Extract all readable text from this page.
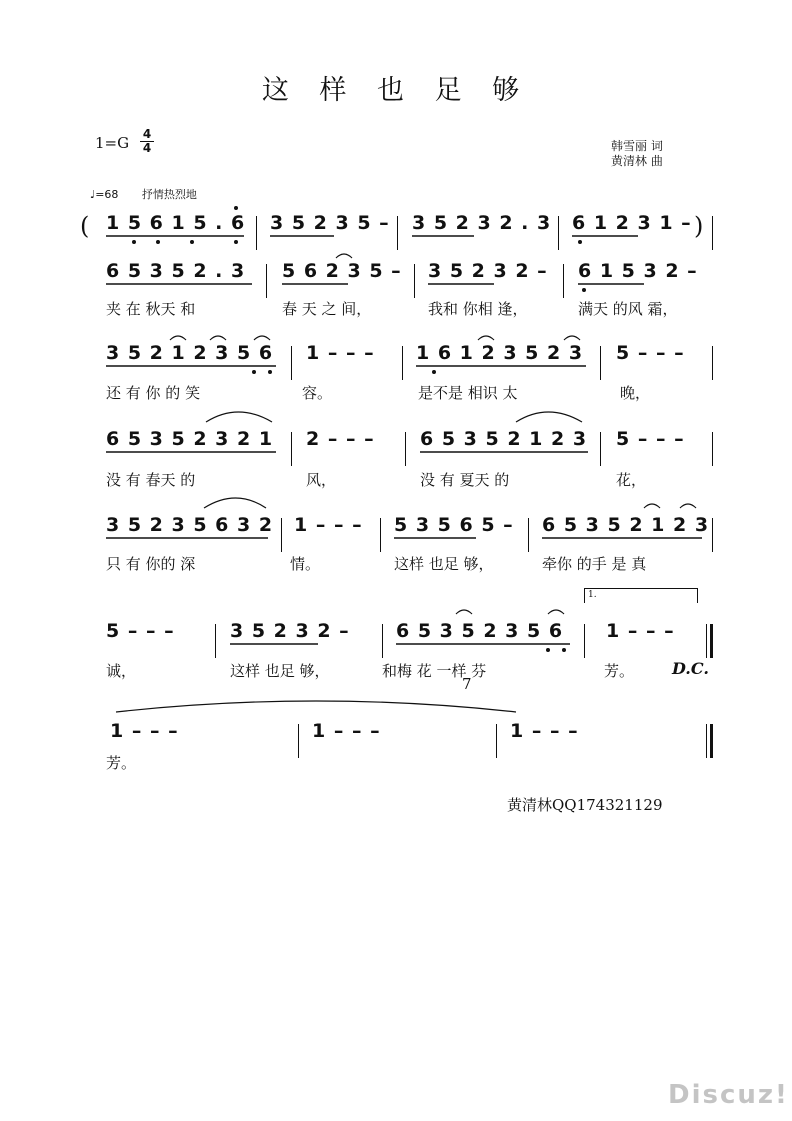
这 样 也 足 够
1=G 4
4	韩雪丽 词
黄清林 曲
♩=68 抒情热烈地
( 1 5 6 1 5 . 6 3 5 2 3 5 – 3 5 2 3 2 . 3 6 1 2 3 1 – )
6 5 3 5 2 . 3 5 6 2 3 5 – 3 5 2 3 2 – 6 1 5 3 2 –
夹 在 秋天 和	春 天 之 间，	我和 你相 逢，	满天 的风 霜，
3 5 2 1 2 3 5 6 1 – – – 1 6 1 2 3 5 2 3 5 – – –
还 有 你 的 笑	容。	是不是 相识 太	晚，
6 5 3 5 2 3 2 1 2 – – – 6 5 3 5 2 1 2 3 5 – – –
没 有 春天 的	风，	没 有 夏天 的	花，
3 5 2 3 5 6 3 2 1 – – – 5 3 5 6 5 – 6 5 3 5 2 1 2 3
只 有 你的 深	情。	这样 也足 够，	牵你 的手 是 真
1.
5 – – –	3 5 2 3 2 – 6 5 3 5 2 3 5 6 1 – – –
诚，	这样 也足 够，	和梅 花 一样 芬	芳。 D.C.
7
1 – – –	1 – – –	1 – – –
芳。
黄清林QQ174321129
Discuz!
